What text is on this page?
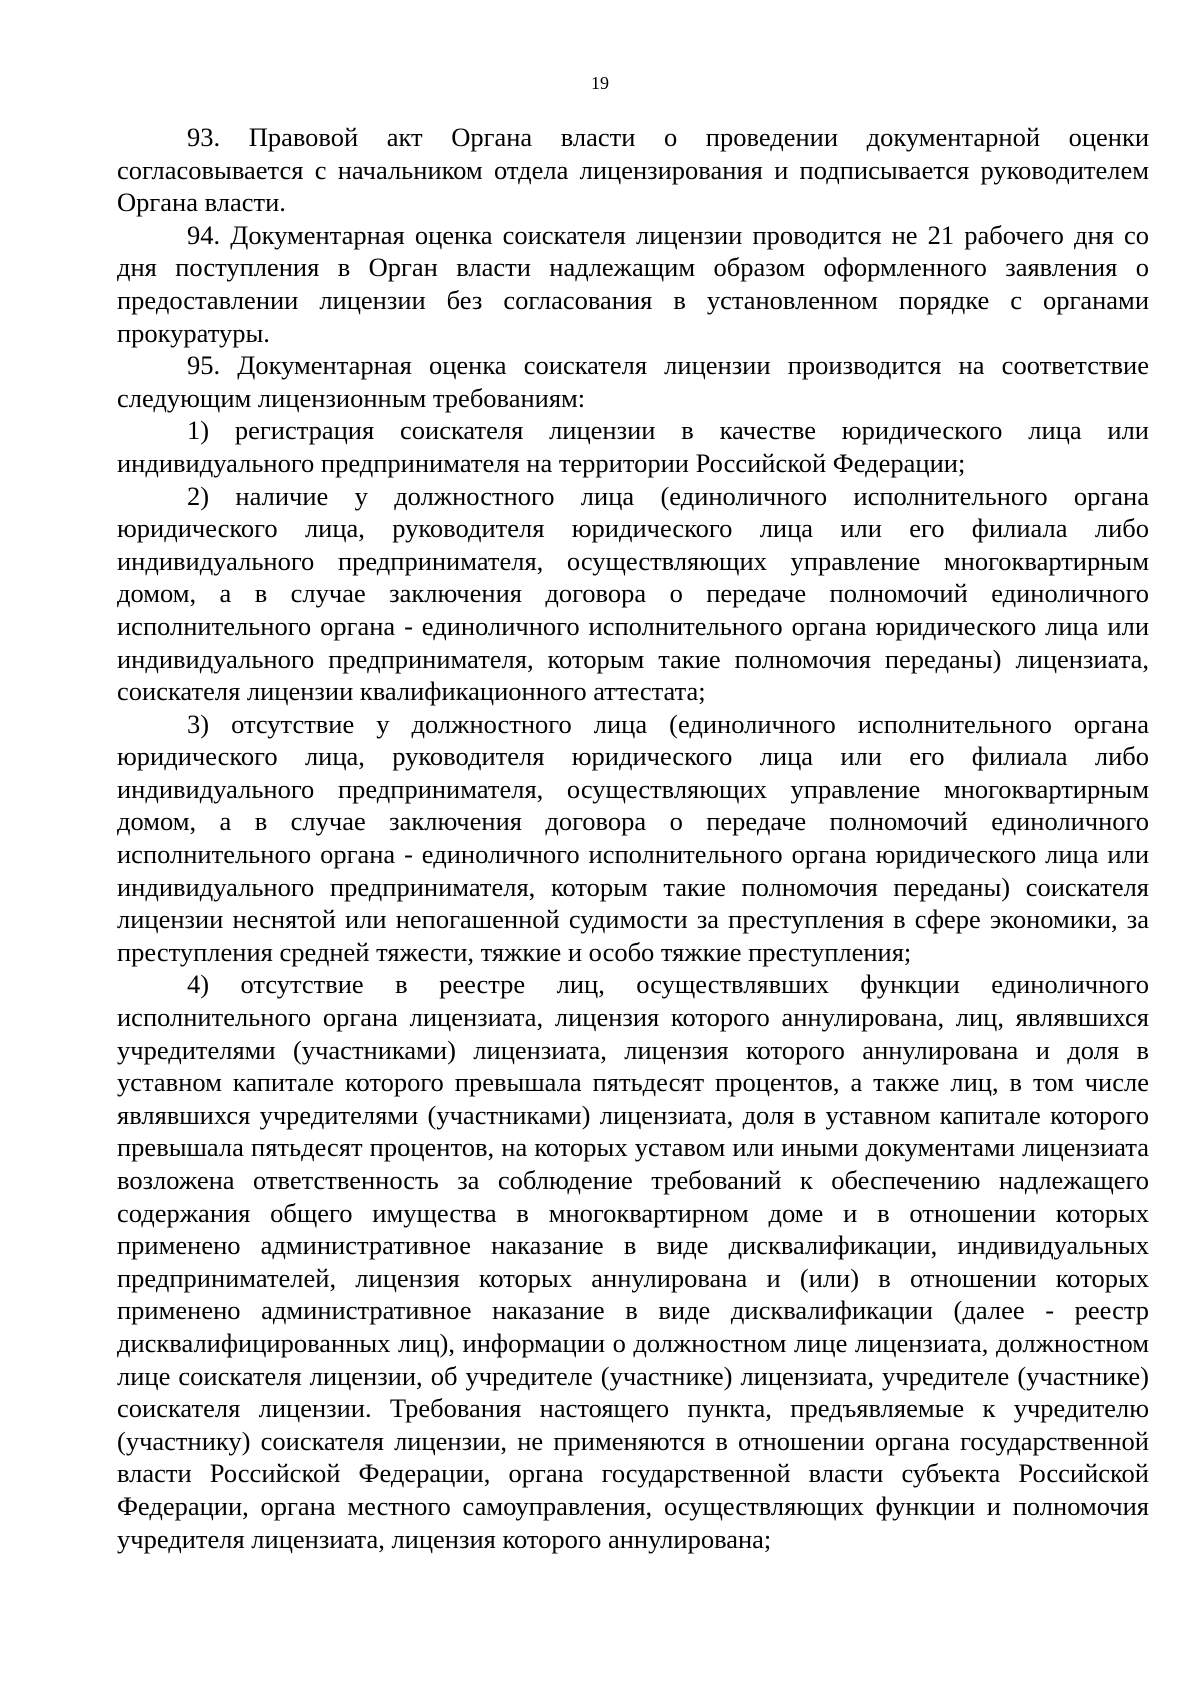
19

93. Правовой акт Органа власти о проведении документарной оценки согласовывается с начальником отдела лицензирования и подписывается руководителем Органа власти.

94. Документарная оценка соискателя лицензии проводится не 21 рабочего дня со дня поступления в Орган власти надлежащим образом оформленного заявления о предоставлении лицензии без согласования в установленном порядке с органами прокуратуры.

95. Документарная оценка соискателя лицензии производится на соответствие следующим лицензионным требованиям:

1) регистрация соискателя лицензии в качестве юридического лица или индивидуального предпринимателя на территории Российской Федерации;

2) наличие у должностного лица (единоличного исполнительного органа юридического лица, руководителя юридического лица или его филиала либо индивидуального предпринимателя, осуществляющих управление многоквартирным домом, а в случае заключения договора о передаче полномочий единоличного исполнительного органа - единоличного исполнительного органа юридического лица или индивидуального предпринимателя, которым такие полномочия переданы) лицензиата, соискателя лицензии квалификационного аттестата;

3) отсутствие у должностного лица (единоличного исполнительного органа юридического лица, руководителя юридического лица или его филиала либо индивидуального предпринимателя, осуществляющих управление многоквартирным домом, а в случае заключения договора о передаче полномочий единоличного исполнительного органа - единоличного исполнительного органа юридического лица или индивидуального предпринимателя, которым такие полномочия переданы) соискателя лицензии неснятой или непогашенной судимости за преступления в сфере экономики, за преступления средней тяжести, тяжкие и особо тяжкие преступления;

4) отсутствие в реестре лиц, осуществлявших функции единоличного исполнительного органа лицензиата, лицензия которого аннулирована, лиц, являвшихся учредителями (участниками) лицензиата, лицензия которого аннулирована и доля в уставном капитале которого превышала пятьдесят процентов, а также лиц, в том числе являвшихся учредителями (участниками) лицензиата, доля в уставном капитале которого превышала пятьдесят процентов, на которых уставом или иными документами лицензиата возложена ответственность за соблюдение требований к обеспечению надлежащего содержания общего имущества в многоквартирном доме и в отношении которых применено административное наказание в виде дисквалификации, индивидуальных предпринимателей, лицензия которых аннулирована и (или) в отношении которых применено административное наказание в виде дисквалификации (далее - реестр дисквалифицированных лиц), информации о должностном лице лицензиата, должностном лице соискателя лицензии, об учредителе (участнике) лицензиата, учредителе (участнике) соискателя лицензии. Требования настоящего пункта, предъявляемые к учредителю (участнику) соискателя лицензии, не применяются в отношении органа государственной власти Российской Федерации, органа государственной власти субъекта Российской Федерации, органа местного самоуправления, осуществляющих функции и полномочия учредителя лицензиата, лицензия которого аннулирована;
